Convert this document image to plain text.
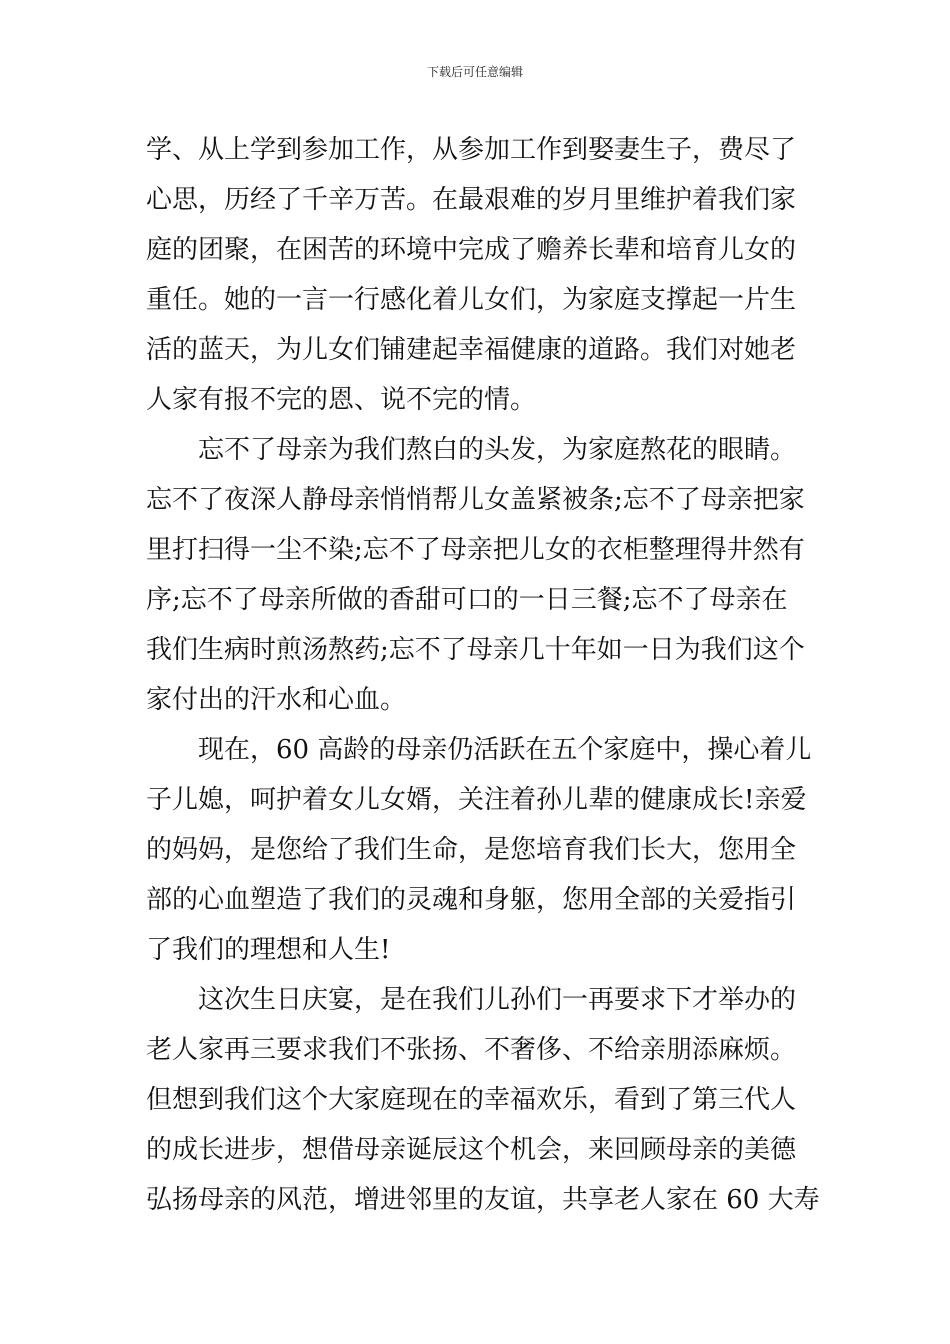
下载后可任意编辑
学、从上学到参加工作，从参加工作到娶妻生子，费尽了
心思，历经了千辛万苦。在最艰难的岁月里维护着我们家
庭的团聚，在困苦的环境中完成了赡养长辈和培育儿女的
重任。她的一言一行感化着儿女们，为家庭支撑起一片生
活的蓝天，为儿女们铺建起幸福健康的道路。我们对她老
人家有报不完的恩、说不完的情。
忘不了母亲为我们熬白的头发，为家庭熬花的眼睛。
忘不了夜深人静母亲悄悄帮儿女盖紧被条;忘不了母亲把家
里打扫得一尘不染;忘不了母亲把儿女的衣柜整理得井然有
序;忘不了母亲所做的香甜可口的一日三餐;忘不了母亲在
我们生病时煎汤熬药;忘不了母亲几十年如一日为我们这个
家付出的汗水和心血。
现在，60 高龄的母亲仍活跃在五个家庭中，操心着儿
子儿媳，呵护着女儿女婿，关注着孙儿辈的健康成长!亲爱
的妈妈，是您给了我们生命，是您培育我们长大，您用全
部的心血塑造了我们的灵魂和身躯，您用全部的关爱指引
了我们的理想和人生!
这次生日庆宴，是在我们儿孙们一再要求下才举办的
老人家再三要求我们不张扬、不奢侈、不给亲朋添麻烦。
但想到我们这个大家庭现在的幸福欢乐，看到了第三代人
的成长进步，想借母亲诞辰这个机会，来回顾母亲的美德
弘扬母亲的风范，增进邻里的友谊，共享老人家在 60 大寿
